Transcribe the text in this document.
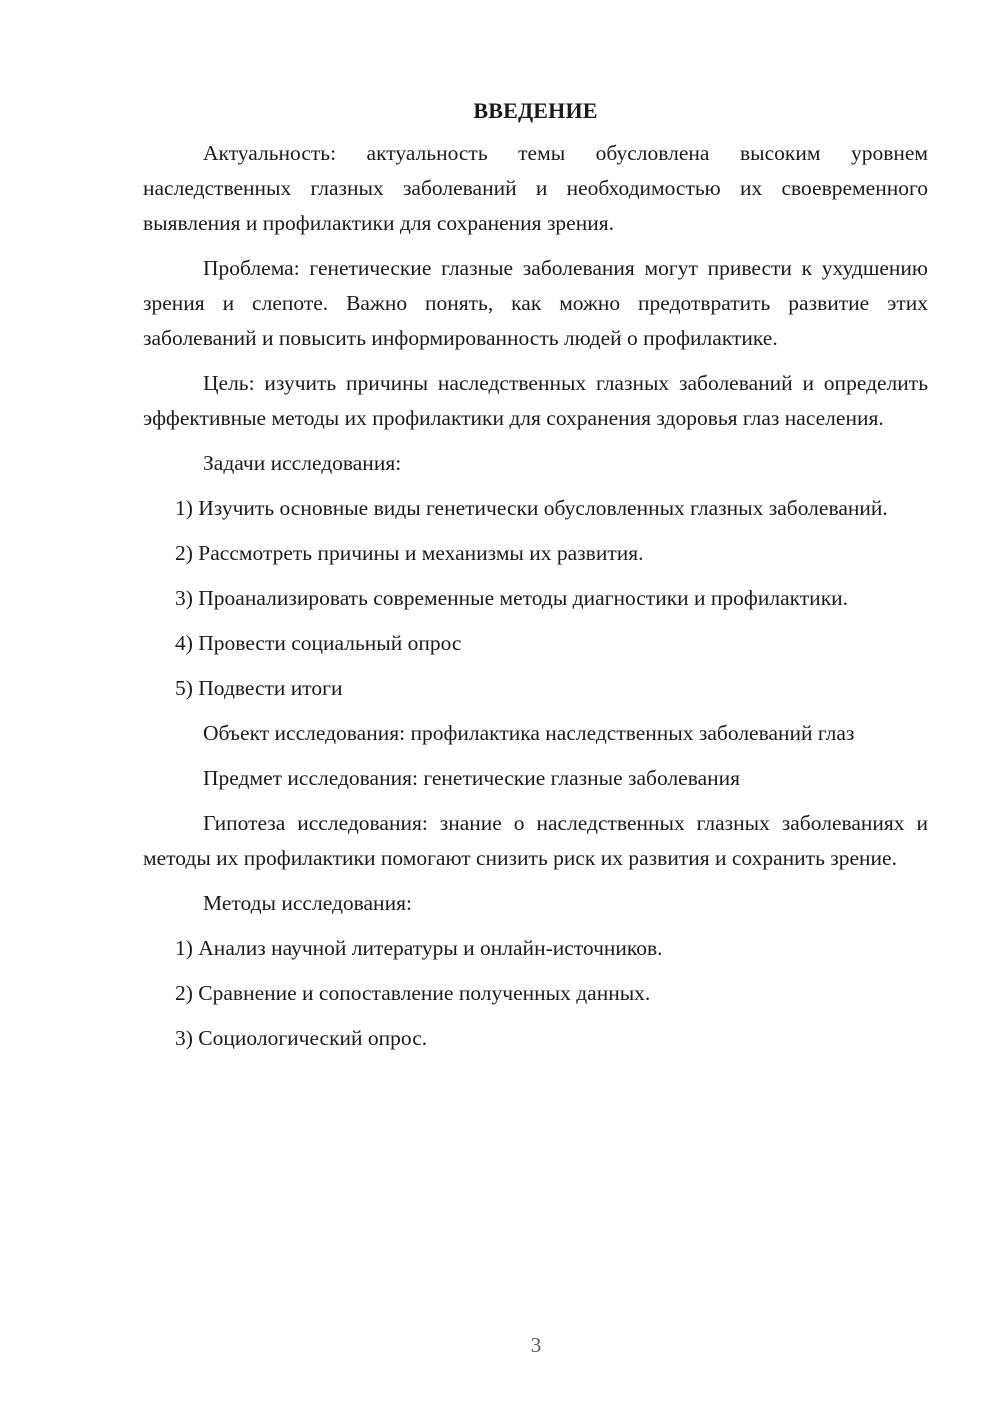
ВВЕДЕНИЕ

Актуальность: актуальность темы обусловлена высоким уровнем наследственных глазных заболеваний и необходимостью их своевременного выявления и профилактики для сохранения зрения.

Проблема: генетические глазные заболевания могут привести к ухудшению зрения и слепоте. Важно понять, как можно предотвратить развитие этих заболеваний и повысить информированность людей о профилактике.

Цель: изучить причины наследственных глазных заболеваний и определить эффективные методы их профилактики для сохранения здоровья глаз населения.

Задачи исследования:

1) Изучить основные виды генетически обусловленных глазных заболеваний.

2) Рассмотреть причины и механизмы их развития.

3) Проанализировать современные методы диагностики и профилактики.

4) Провести социальный опрос

5) Подвести итоги

Объект исследования: профилактика наследственных заболеваний глаз

Предмет исследования: генетические глазные заболевания

Гипотеза исследования: знание о наследственных глазных заболеваниях и методы их профилактики помогают снизить риск их развития и сохранить зрение.

Методы исследования:

1) Анализ научной литературы и онлайн-источников.

2) Сравнение и сопоставление полученных данных.

3) Социологический опрос.

3
